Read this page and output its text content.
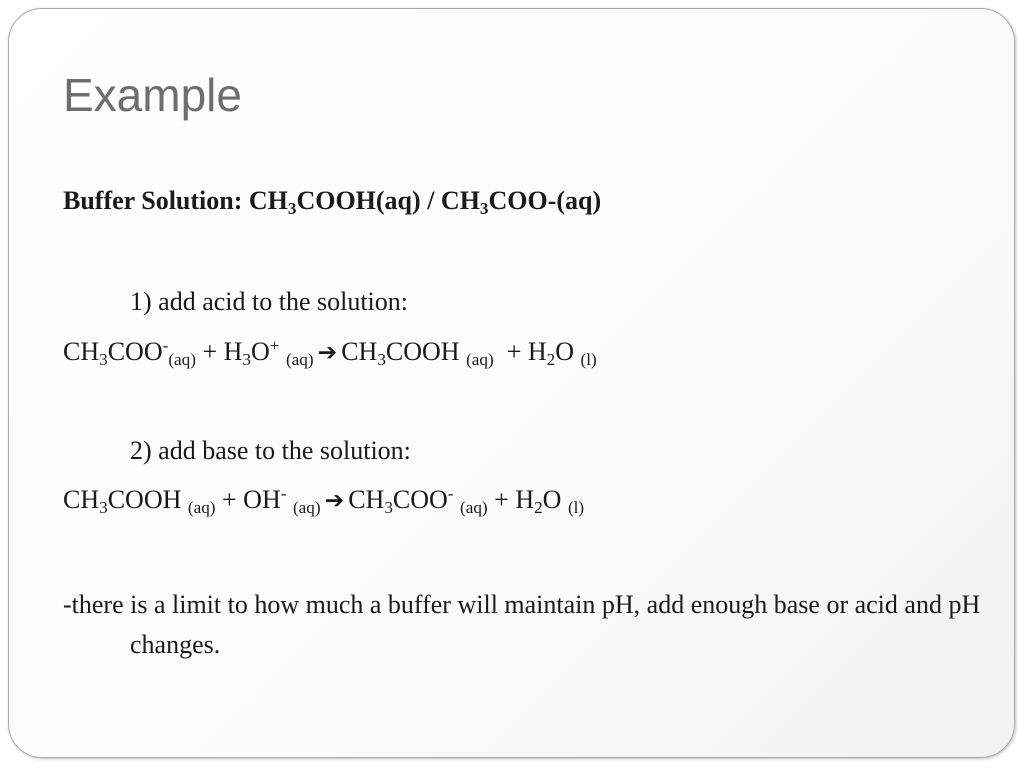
Example
Buffer Solution: $CH_3COOH(aq) / CH_3COO-(aq)$
1) add acid to the solution:
$CH_3COO^-_{(aq)} + H_3O^+$ $_{(aq)}$ ➔ $CH_3COOH$ $_{(aq)} + H_2O$ $_{(l)}$
2) add base to the solution:
$CH_3COOH$ $_{(aq)}$ + OH- $_{(aq)}$ ➔ $CH_3COO^-$ $_{(aq)} + H_2O$ $_{(l)}$
-there is a limit to how much a buffer will maintain pH, add enough base or acid and pH changes.
